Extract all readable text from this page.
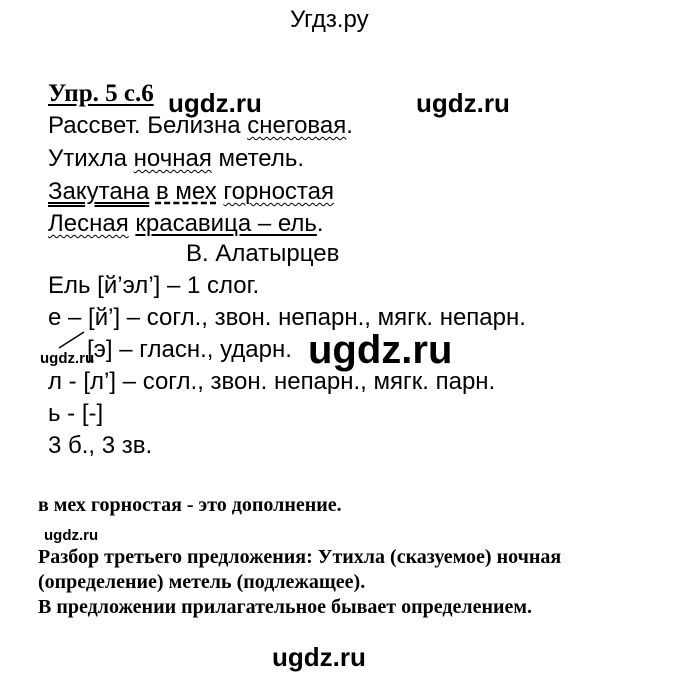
Угдз.ру
Упр. 5 с.6
Рассвет. Белизна снеговая.
Утихла ночная метель.
Закутана в мех горностая
Лесная красавица – ель.
В. Алатырцев
Ель [й’эл’] – 1 слог.
е – [й’] – согл., звон. непарн., мягк. непарн.
[э] – гласн., ударн.
л - [л’] – согл., звон. непарн., мягк. парн.
ь - [-]
3 б., 3 зв.
в мех горностая - это дополнение.
Разбор третьего предложения: Утихла (сказуемое) ночная
(определение) метель (подлежащее).
В предложении прилагательное бывает определением.
ugdz.ru	ugdz.ru
ugdz.ru	ugdz.ru
ugdz.ru
ugdz.ru
